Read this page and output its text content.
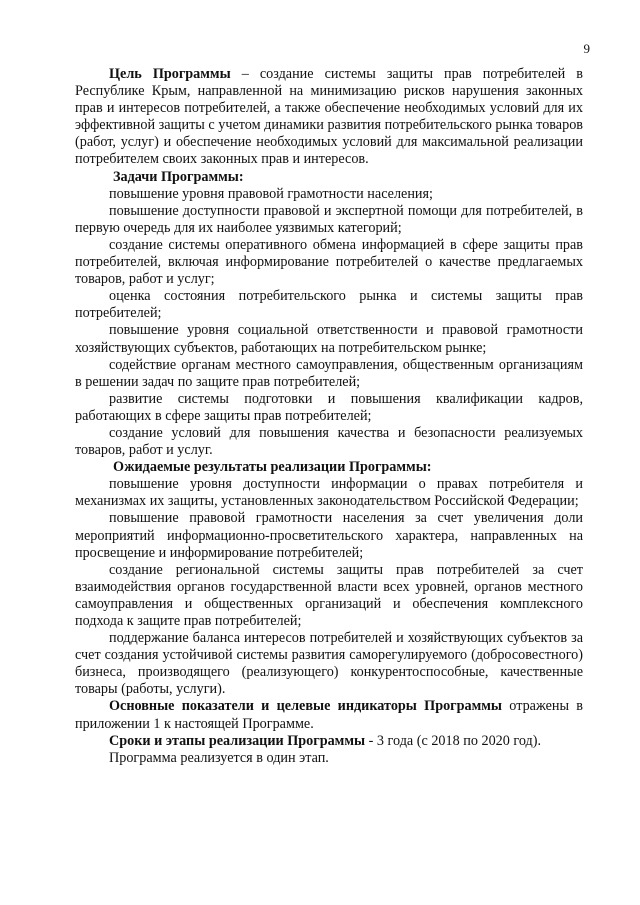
9

Цель Программы – создание системы защиты прав потребителей в Республике Крым, направленной на минимизацию рисков нарушения законных прав и интересов потребителей, а также обеспечение необходимых условий для их эффективной защиты с учетом динамики развития потребительского рынка товаров (работ, услуг) и обеспечение необходимых условий для максимальной реализации потребителем своих законных прав и интересов.

Задачи Программы:

повышение уровня правовой грамотности населения;

повышение доступности правовой и экспертной помощи для потребителей, в первую очередь для их наиболее уязвимых категорий;

создание системы оперативного обмена информацией в сфере защиты прав потребителей, включая информирование потребителей о качестве предлагаемых товаров, работ и услуг;

оценка состояния потребительского рынка и системы защиты прав потребителей;

повышение уровня социальной ответственности и правовой грамотности хозяйствующих субъектов, работающих на потребительском рынке;

содействие органам местного самоуправления, общественным организациям в решении задач по защите прав потребителей;

развитие системы подготовки и повышения квалификации кадров, работающих в сфере защиты прав потребителей;

создание условий для повышения качества и безопасности реализуемых товаров, работ и услуг.

Ожидаемые результаты реализации Программы:

повышение уровня доступности информации о правах потребителя и механизмах их защиты, установленных законодательством Российской Федерации;

повышение правовой грамотности населения за счет увеличения доли мероприятий информационно-просветительского характера, направленных на просвещение и информирование потребителей;

создание региональной системы защиты прав потребителей за счет взаимодействия органов государственной власти всех уровней, органов местного самоуправления и общественных организаций и обеспечения комплексного подхода к защите прав потребителей;

поддержание баланса интересов потребителей и хозяйствующих субъектов за счет создания устойчивой системы развития саморегулируемого (добросовестного) бизнеса, производящего (реализующего) конкурентоспособные, качественные товары (работы, услуги).

Основные показатели и целевые индикаторы Программы отражены в приложении 1 к настоящей Программе.

Сроки и этапы реализации Программы - 3 года (с 2018 по 2020 год).

Программа реализуется в один этап.
